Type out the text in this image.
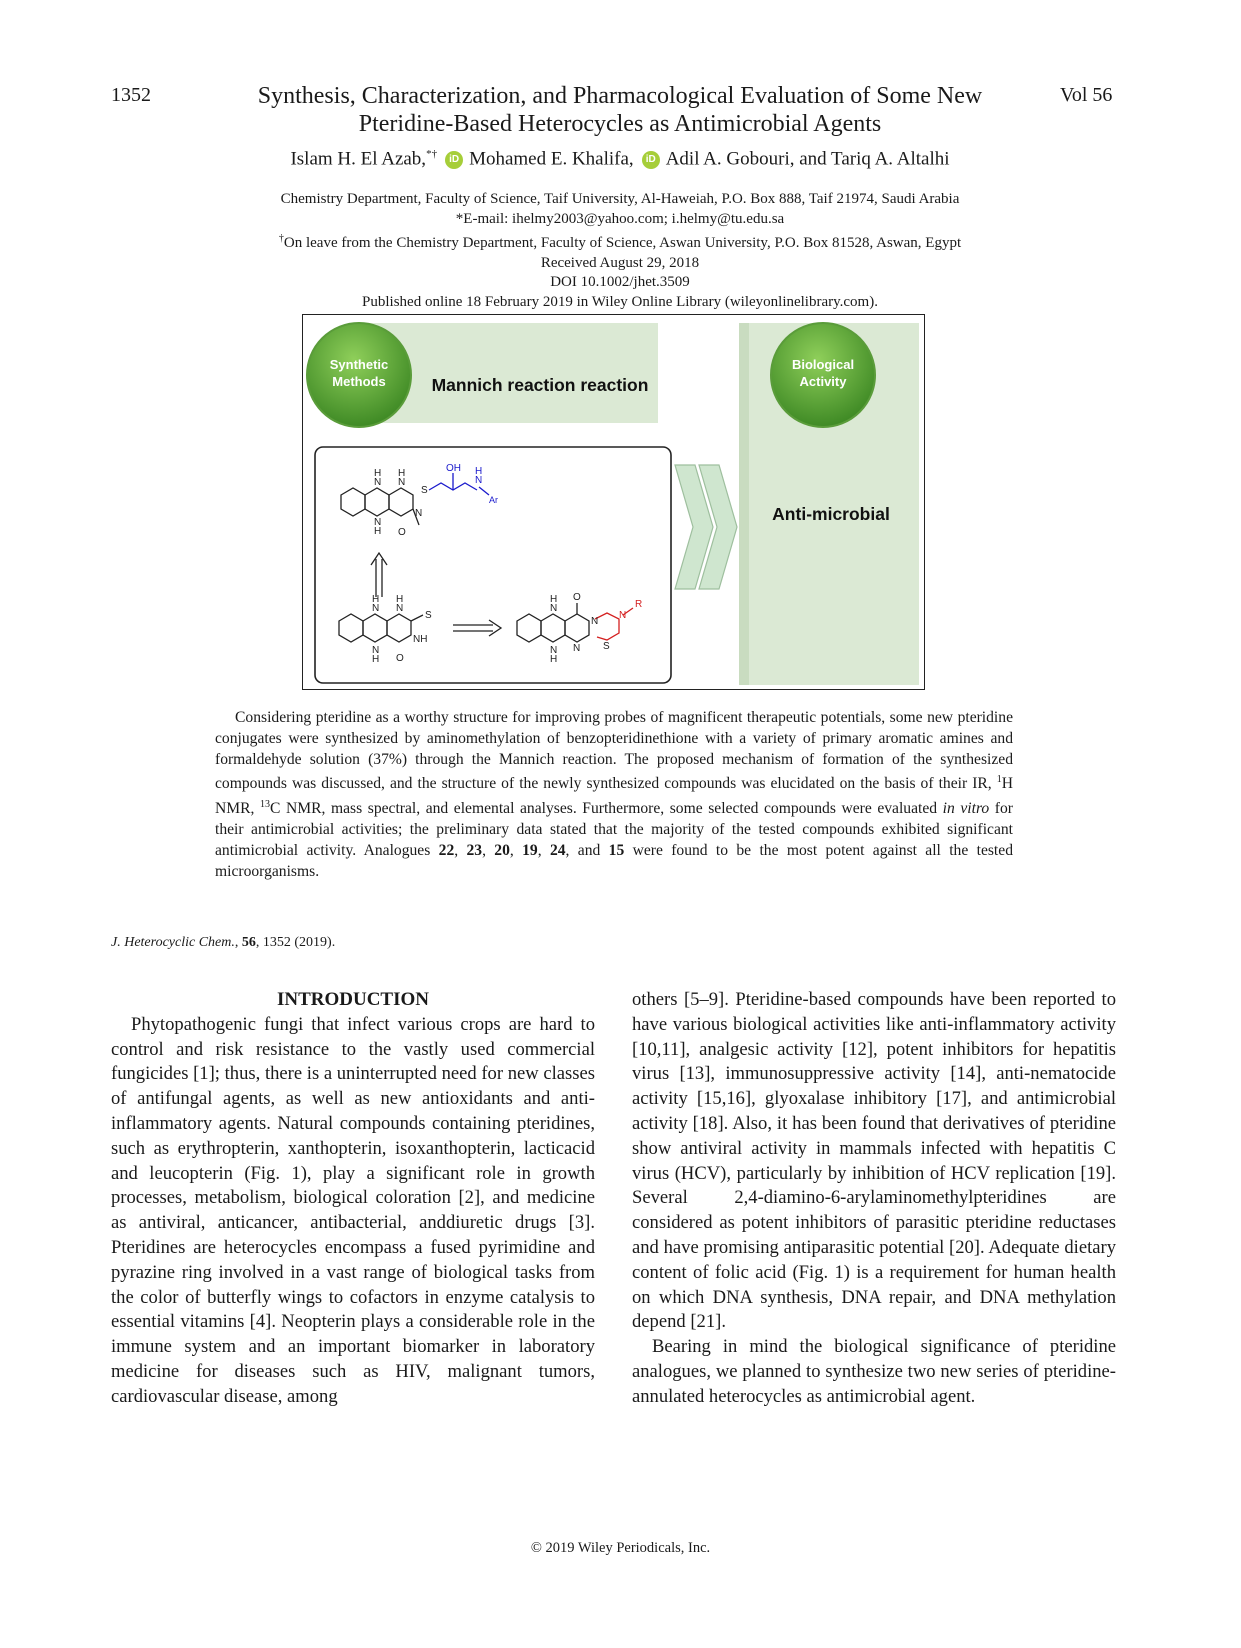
1352	Vol 56
Synthesis, Characterization, and Pharmacological Evaluation of Some New
Pteridine-Based Heterocycles as Antimicrobial Agents
Islam H. El Azab,*† iD Mohamed E. Khalifa, iD Adil A. Gobouri, and Tariq A. Altalhi
Chemistry Department, Faculty of Science, Taif University, Al-Haweiah, P.O. Box 888, Taif 21974, Saudi Arabia
*E-mail: ihelmy2003@yahoo.com; i.helmy@tu.edu.sa
†On leave from the Chemistry Department, Faculty of Science, Aswan University, P.O. Box 81528, Aswan, Egypt
Received August 29, 2018
DOI 10.1002/jhet.3509
Published online 18 February 2019 in Wiley Online Library (wileyonlinelibrary.com).
Synthetic
Methods	Mannich reaction reaction
Biological
Activity
Anti-microbial
N
H
N
H
N
H
N
O
S
OH
N
H
Ar
N
H
N
H
N
H
NH
S
O
N
H
N
H
N
N
O
S
N
R
Considering pteridine as a worthy structure for improving probes of magnificent therapeutic potentials, some new pteridine conjugates were synthesized by aminomethylation of benzopteridinethione with a variety of primary aromatic amines and formaldehyde solution (37%) through the Mannich reaction. The proposed mechanism of formation of the synthesized compounds was discussed, and the structure of the newly synthesized compounds was elucidated on the basis of their IR, $^1$H NMR, $^{13}$C NMR, mass spectral, and elemental analyses. Furthermore, some selected compounds were evaluated in vitro for their antimicrobial activities; the preliminary data stated that the majority of the tested compounds exhibited significant antimicrobial activity. Analogues 22, 23, 20, 19, 24, and 15 were found to be the most potent against all the tested microorganisms.
J. Heterocyclic Chem., 56, 1352 (2019).

INTRODUCTION

Phytopathogenic fungi that infect various crops are hard to control and risk resistance to the vastly used commercial fungicides [1]; thus, there is a uninterrupted need for new classes of antifungal agents, as well as new antioxidants and anti-inflammatory agents. Natural compounds containing pteridines, such as erythropterin, xanthopterin, isoxanthopterin, lacticacid and leucopterin (Fig. 1), play a significant role in growth processes, metabolism, biological coloration [2], and medicine as antiviral, anticancer, antibacterial, anddiuretic drugs [3]. Pteridines are heterocycles encompass a fused pyrimidine and pyrazine ring involved in a vast range of biological tasks from the color of butterfly wings to cofactors in enzyme catalysis to essential vitamins [4]. Neopterin plays a considerable role in the immune system and an important biomarker in laboratory medicine for diseases such as HIV, malignant tumors, cardiovascular disease, among

others [5–9]. Pteridine-based compounds have been reported to have various biological activities like anti-inflammatory activity [10,11], analgesic activity [12], potent inhibitors for hepatitis virus [13], immunosuppressive activity [14], anti-nematocide activity [15,16], glyoxalase inhibitory [17], and antimicrobial activity [18]. Also, it has been found that derivatives of pteridine show antiviral activity in mammals infected with hepatitis C virus (HCV), particularly by inhibition of HCV replication [19]. Several 2,4-diamino-6-arylaminomethylpteridines are considered as potent inhibitors of parasitic pteridine reductases and have promising antiparasitic potential [20]. Adequate dietary content of folic acid (Fig. 1) is a requirement for human health on which DNA synthesis, DNA repair, and DNA methylation depend [21].

Bearing in mind the biological significance of pteridine analogues, we planned to synthesize two new series of pteridine-annulated heterocycles as antimicrobial agent.

© 2019 Wiley Periodicals, Inc.
